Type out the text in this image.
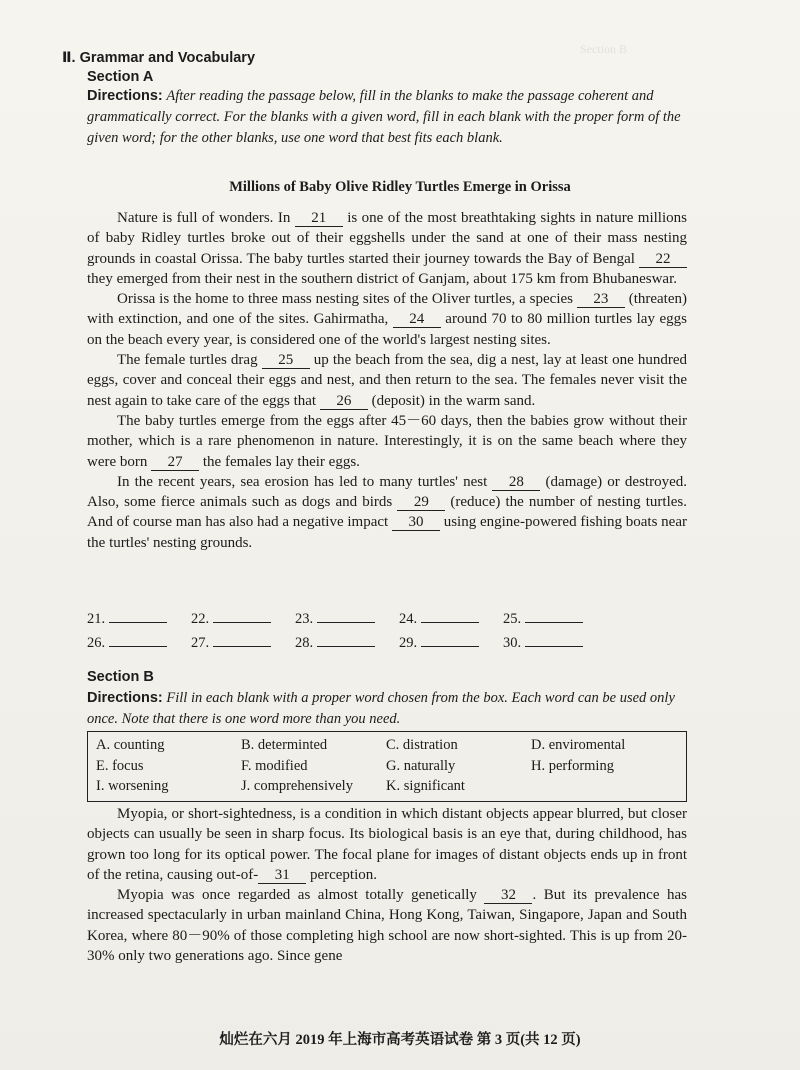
Section B
Ⅱ. Grammar and Vocabulary
Section A
Directions: After reading the passage below, fill in the blanks to make the passage coherent and grammatically correct. For the blanks with a given word, fill in each blank with the proper form of the given word; for the other blanks, use one word that best fits each blank.
Millions of Baby Olive Ridley Turtles Emerge in Orissa

Nature is full of wonders. In 21 is one of the most breathtaking sights in nature millions of baby Ridley turtles broke out of their eggshells under the sand at one of their mass nesting grounds in coastal Orissa. The baby turtles started their journey towards the Bay of Bengal 22 they emerged from their nest in the southern district of Ganjam, about 175 km from Bhubaneswar.

Orissa is the home to three mass nesting sites of the Oliver turtles, a species 23 (threaten) with extinction, and one of the sites. Gahirmatha, 24 around 70 to 80 million turtles lay eggs on the beach every year, is considered one of the world's largest nesting sites.

The female turtles drag 25 up the beach from the sea, dig a nest, lay at least one hundred eggs, cover and conceal their eggs and nest, and then return to the sea. The females never visit the nest again to take care of the eggs that 26 (deposit) in the warm sand.

The baby turtles emerge from the eggs after 45－60 days, then the babies grow without their mother, which is a rare phenomenon in nature. Interestingly, it is on the same beach where they were born 27 the females lay their eggs.

In the recent years, sea erosion has led to many turtles' nest 28 (damage) or destroyed. Also, some fierce animals such as dogs and birds 29 (reduce) the number of nesting turtles. And of course man has also had a negative impact 30 using engine-powered fishing boats near the turtles' nesting grounds.

21.	22.	23.	24.	25.
26.	27.	28.	29.	30.
Section B
Directions: Fill in each blank with a proper word chosen from the box. Each word can be used only once. Note that there is one word more than you need.
A. counting	B. determinted	C. distration	D. enviromental
E. focus	F. modified	G. naturally	H. performing
I. worsening	J. comprehensively	K. significant

Myopia, or short-sightedness, is a condition in which distant objects appear blurred, but closer objects can usually be seen in sharp focus. Its biological basis is an eye that, during childhood, has grown too long for its optical power. The focal plane for images of distant objects ends up in front of the retina, causing out-of- 31 perception.

Myopia was once regarded as almost totally genetically 32 . But its prevalence has increased spectacularly in urban mainland China, Hong Kong, Taiwan, Singapore, Japan and South Korea, where 80－90% of those completing high school are now short-sighted. This is up from 20-30% only two generations ago. Since gene

灿烂在六月 2019 年上海市高考英语试卷 第 3 页(共 12 页)
